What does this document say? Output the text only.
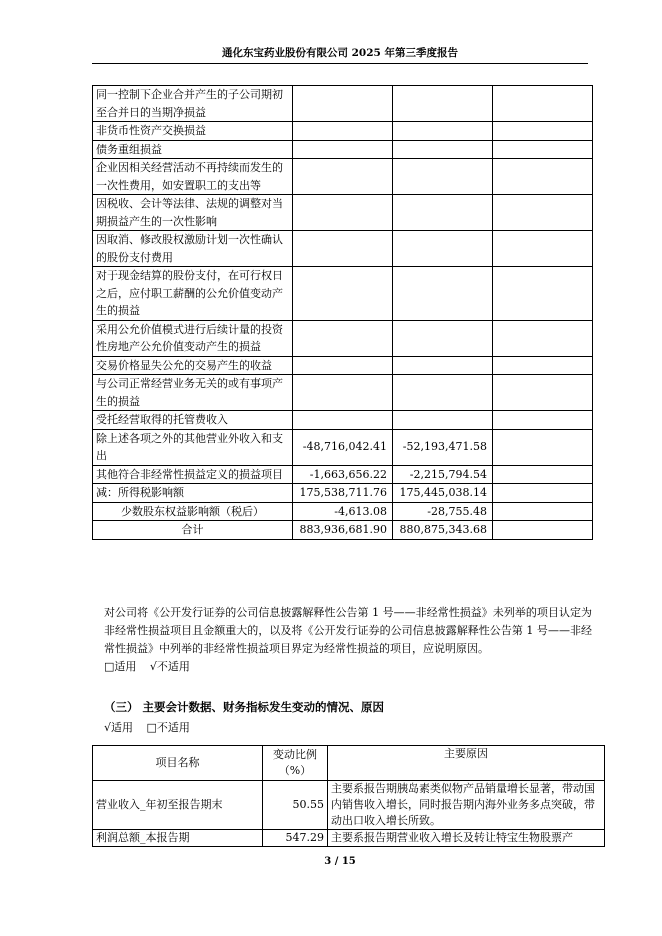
通化东宝药业股份有限公司 2025 年第三季度报告
同一控制下企业合并产生的子公司期初至合并日的当期净损益			
非货币性资产交换损益			
债务重组损益			
企业因相关经营活动不再持续而发生的一次性费用，如安置职工的支出等			
因税收、会计等法律、法规的调整对当期损益产生的一次性影响			
因取消、修改股权激励计划一次性确认的股份支付费用			
对于现金结算的股份支付，在可行权日之后，应付职工薪酬的公允价值变动产生的损益			
采用公允价值模式进行后续计量的投资性房地产公允价值变动产生的损益			
交易价格显失公允的交易产生的收益			
与公司正常经营业务无关的或有事项产生的损益			
受托经营取得的托管费收入			
除上述各项之外的其他营业外收入和支出	-48,716,042.41	-52,193,471.58	
其他符合非经常性损益定义的损益项目	-1,663,656.22	-2,215,794.54	
减：所得税影响额	175,538,711.76	175,445,038.14	
少数股东权益影响额（税后）	-4,613.08	-28,755.48	
合计	883,936,681.90	880,875,343.68	
对公司将《公开发行证券的公司信息披露解释性公告第 1 号——非经常性损益》未列举的项目认定为非经常性损益项目且金额重大的，以及将《公开发行证券的公司信息披露解释性公告第 1 号——非经常性损益》中列举的非经常性损益项目界定为经常性损益的项目，应说明原因。
□适用 √不适用
（三） 主要会计数据、财务指标发生变动的情况、原因
√适用 □不适用
项目名称	变动比例（%）	主要原因
营业收入_年初至报告期末	50.55	主要系报告期胰岛素类似物产品销量增长显著，带动国内销售收入增长，同时报告期内海外业务多点突破，带动出口收入增长所致。
利润总额_本报告期	547.29	主要系报告期营业收入增长及转让特宝生物股票产
3 / 15
